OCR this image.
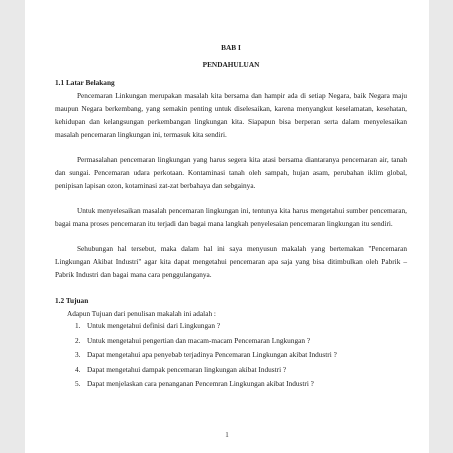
BAB I
PENDAHULUAN
1.1 Latar Belakang

Pencemaran Linkungan merupakan masalah kita bersama dan hampir ada di setiap Negara, baik Negara maju maupun Negara berkembang, yang semakin penting untuk diselesaikan, karena menyangkut keselamatan, kesehatan, kehidupan dan kelangsungan perkembangan lingkungan kita. Siapapun bisa berperan serta dalam menyelesaikan masalah pencemaran lingkungan ini, termasuk kita sendiri.

Permasalahan pencemaran lingkungan yang harus segera kita atasi bersama diantaranya pencemaran air, tanah dan sungai. Pencemaran udara perkotaan. Kontaminasi tanah oleh sampah, hujan asam, perubahan iklim global, penipisan lapisan ozon, kotaminasi zat-zat berbahaya dan sebgainya.

Untuk menyelesaikan masalah pencemaran lingkungan ini, tentunya kita harus mengetahui sumber pencemaran, bagai mana proses pencemaran itu terjadi dan bagai mana langkah penyelesaian pencemaran lingkungan itu sendiri.

Sehubungan hal tersebut, maka dalam hal ini saya menyusun makalah yang bertemakan "Pencemaran Lingkungan Akibat Industri" agar kita dapat mengetahui pencemaran apa saja yang bisa ditimbulkan oleh Pabrik – Pabrik Industri dan bagai mana cara penggulanganya.

1.2 Tujuan
Adapun Tujuan dari penulisan makalah ini adalah :
1. Untuk mengetahui definisi dari Lingkungan ?
2. Untuk mengetahui pengertian dan macam-macam Pencemaran Lngkungan ?
3. Dapat mengetahui apa penyebab terjadinya Pencemaran Lingkungan akibat Industri ?
4. Dapat mengetahui dampak pencemaran lingkungan akibat Industri ?
5. Dapat menjelaskan cara penanganan Pencemran Lingkungan akibat Industri ?
1
